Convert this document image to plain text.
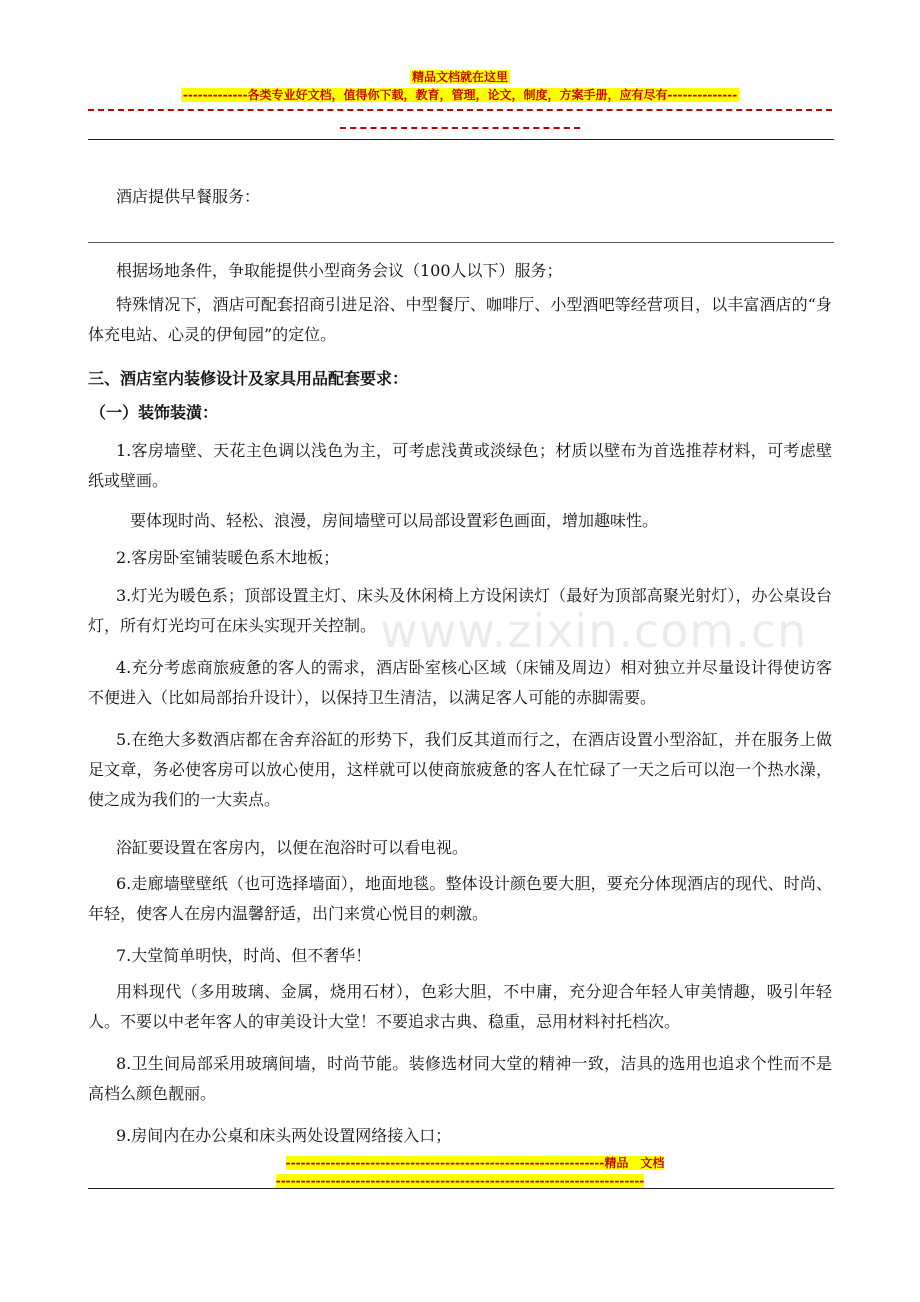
精品文档就在这里
-------------各类专业好文档，值得你下载，教育，管理，论文，制度，方案手册，应有尽有--------------

酒店提供早餐服务：

根据场地条件，争取能提供小型商务会议（100人以下）服务；

特殊情况下，酒店可配套招商引进足浴、中型餐厅、咖啡厅、小型酒吧等经营项目，以丰富酒店的“身体充电站、心灵的伊甸园”的定位。

三、酒店室内装修设计及家具用品配套要求：

（一）装饰装潢：

1.客房墙壁、天花主色调以浅色为主，可考虑浅黄或淡绿色；材质以壁布为首选推荐材料，可考虑壁纸或壁画。

要体现时尚、轻松、浪漫，房间墙壁可以局部设置彩色画面，增加趣味性。

2.客房卧室铺装暖色系木地板；

3.灯光为暖色系；顶部设置主灯、床头及休闲椅上方设闲读灯（最好为顶部高聚光射灯），办公桌设台灯，所有灯光均可在床头实现开关控制。

4.充分考虑商旅疲惫的客人的需求，酒店卧室核心区域（床铺及周边）相对独立并尽量设计得使访客不便进入（比如局部抬升设计），以保持卫生清洁，以满足客人可能的赤脚需要。

5.在绝大多数酒店都在舍弃浴缸的形势下，我们反其道而行之，在酒店设置小型浴缸，并在服务上做足文章，务必使客房可以放心使用，这样就可以使商旅疲惫的客人在忙碌了一天之后可以泡一个热水澡，使之成为我们的一大卖点。

浴缸要设置在客房内，以便在泡浴时可以看电视。

6.走廊墙壁壁纸（也可选择墙面），地面地毯。整体设计颜色要大胆，要充分体现酒店的现代、时尚、年轻，使客人在房内温馨舒适，出门来赏心悦目的刺激。

7.大堂简单明快，时尚、但不奢华！

用料现代（多用玻璃、金属，烧用石材），色彩大胆，不中庸，充分迎合年轻人审美情趣，吸引年轻人。不要以中老年客人的审美设计大堂！不要追求古典、稳重，忌用材料衬托档次。

8.卫生间局部采用玻璃间墙，时尚节能。装修选材同大堂的精神一致，洁具的选用也追求个性而不是高档么颜色靓丽。

9.房间内在办公桌和床头两处设置网络接入口；

www.zixin.com.cn
----------------------------------------------------------------精品　文档
--------------------------------------------------------------------------
